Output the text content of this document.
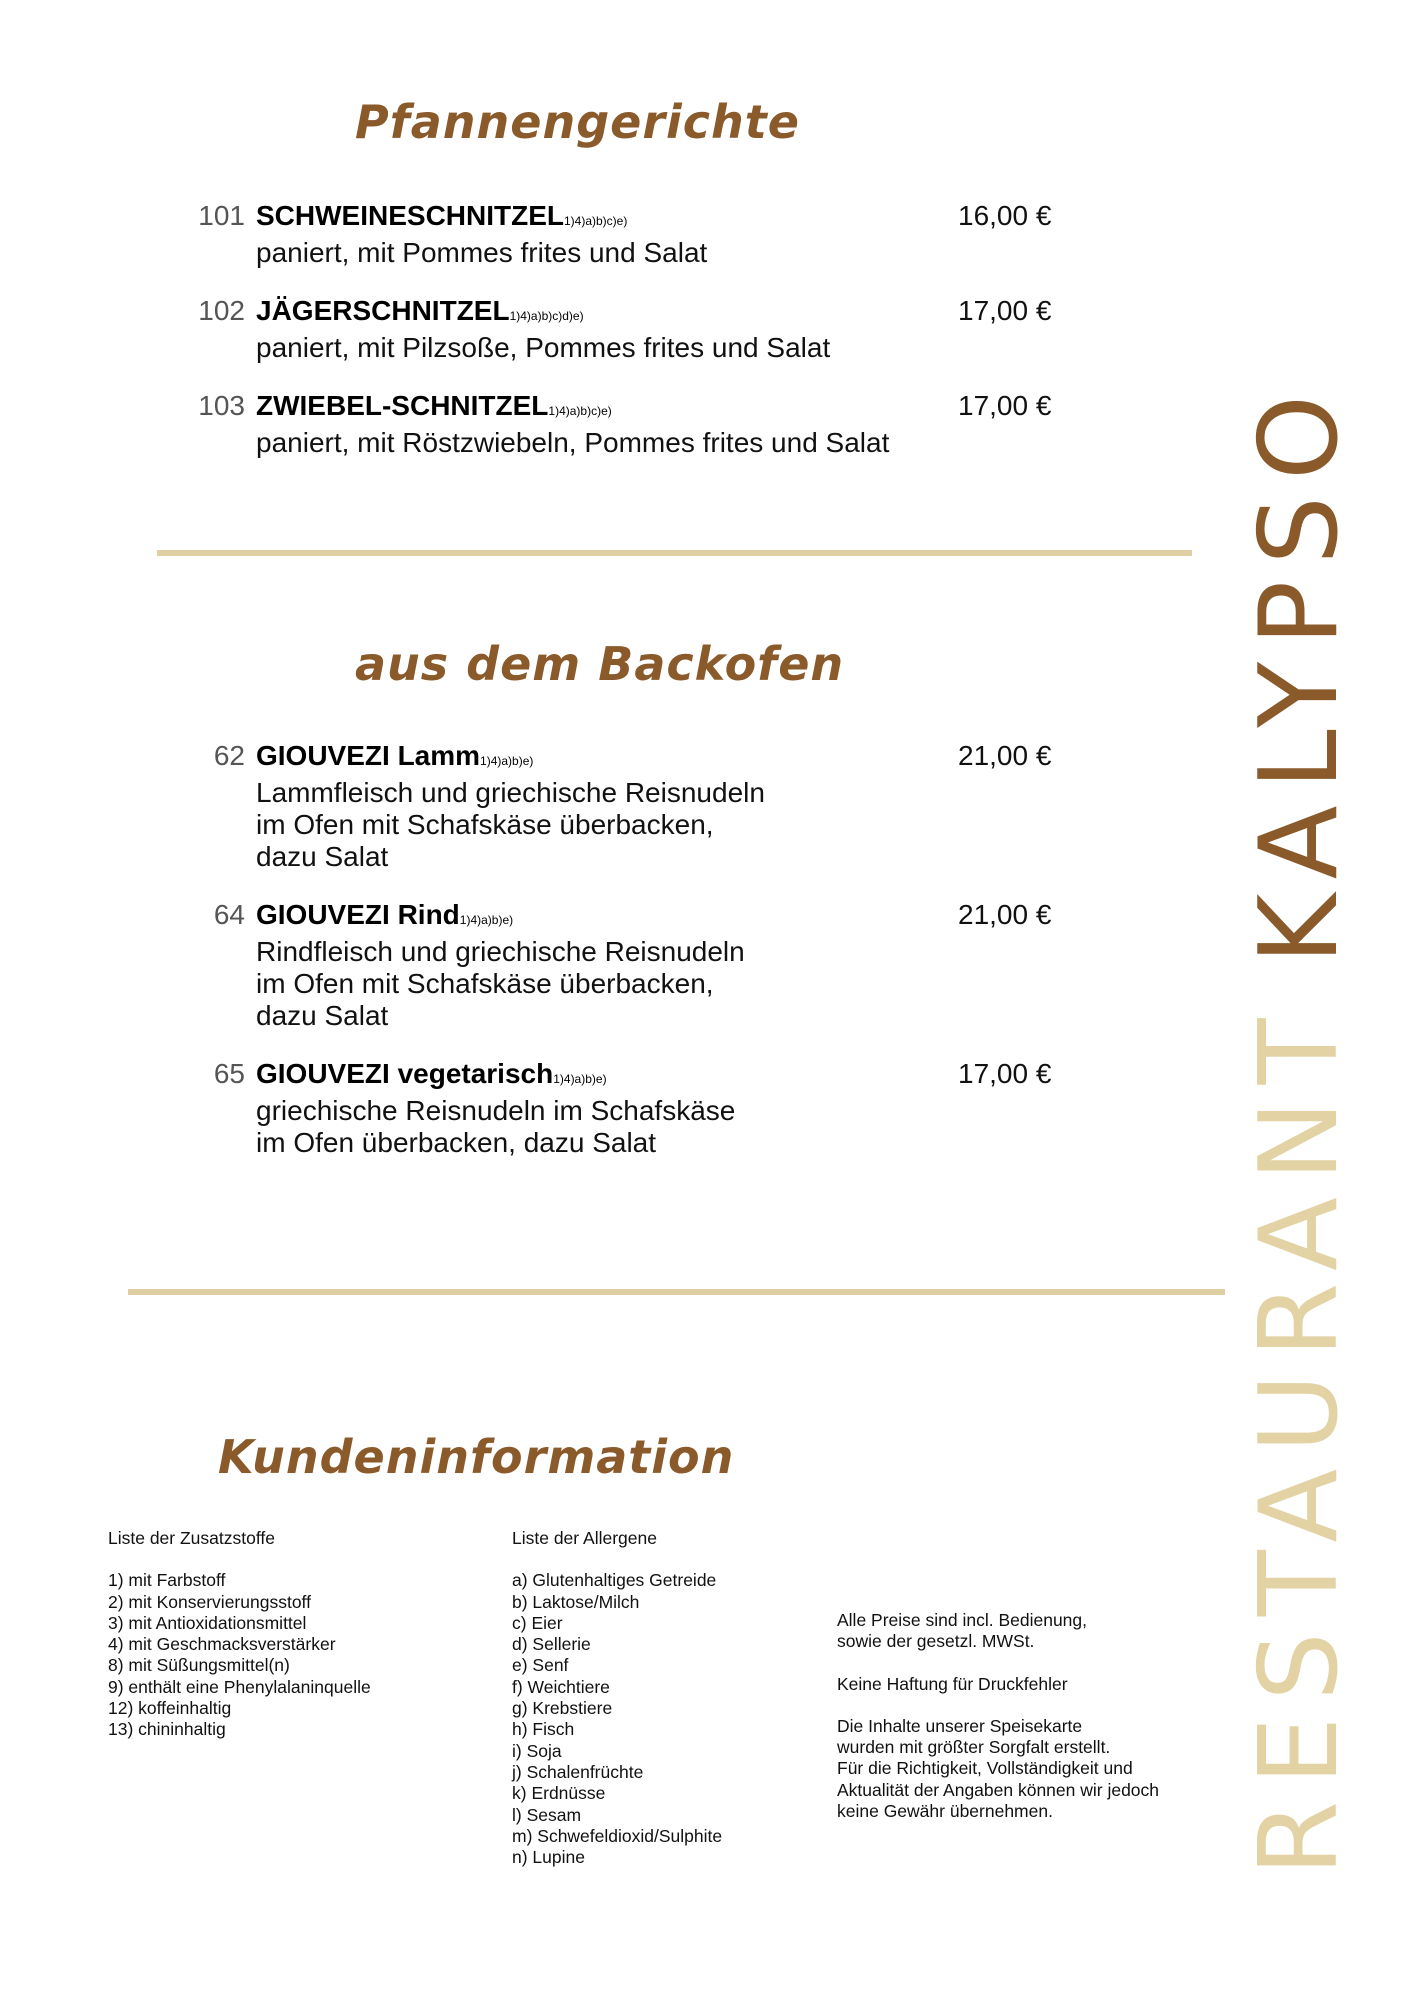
Pfannengerichte
101 SCHWEINESCHNITZEL1)4)a)b)c)e)
paniert, mit Pommes frites und Salat
16,00 €
102 JÄGERSCHNITZEL1)4)a)b)c)d)e)
paniert, mit Pilzsoße, Pommes frites und Salat
17,00 €
103 ZWIEBEL-SCHNITZEL1)4)a)b)c)e)
paniert, mit Röstzwiebeln, Pommes frites und Salat
17,00 €
aus dem Backofen
62 GIOUVEZI Lamm1)4)a)b)e)
Lammfleisch und griechische Reisnudeln
im Ofen mit Schafskäse überbacken,
dazu Salat
21,00 €
64 GIOUVEZI Rind1)4)a)b)e)
Rindfleisch und griechische Reisnudeln
im Ofen mit Schafskäse überbacken,
dazu Salat
21,00 €
65 GIOUVEZI vegetarisch1)4)a)b)e)
griechische Reisnudeln im Schafskäse
im Ofen überbacken, dazu Salat
17,00 €
Kundeninformation
Liste der Zusatzstoffe
1) mit Farbstoff
2) mit Konservierungsstoff
3) mit Antioxidationsmittel
4) mit Geschmacksverstärker
8) mit Süßungsmittel(n)
9) enthält eine Phenylalaninquelle
12) koffeinhaltig
13) chininhaltig
Liste der Allergene
a) Glutenhaltiges Getreide
b) Laktose/Milch
c) Eier
d) Sellerie
e) Senf
f) Weichtiere
g) Krebstiere
h) Fisch
i) Soja
j) Schalenfrüchte
k) Erdnüsse
l) Sesam
m) Schwefeldioxid/Sulphite
n) Lupine
Alle Preise sind incl. Bedienung,
sowie der gesetzl. MWSt.
Keine Haftung für Druckfehler
Die Inhalte unserer Speisekarte
wurden mit größter Sorgfalt erstellt.
Für die Richtigkeit, Vollständigkeit und
Aktualität der Angaben können wir jedoch
keine Gewähr übernehmen.	RESTAURANTKALYPSO
